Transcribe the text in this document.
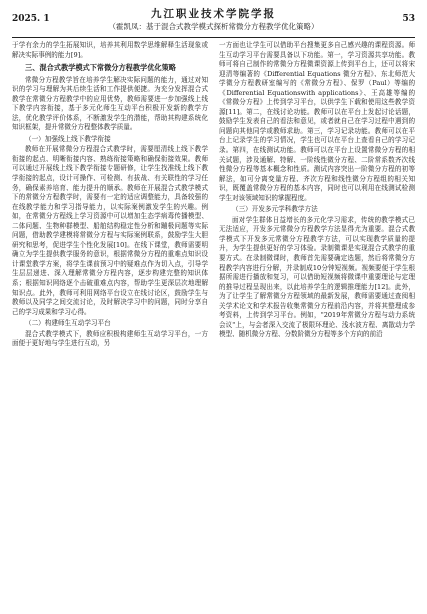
2025. 1	九江职业技术学院学报
（霍凯凤：基于混合式教学模式探析常微分方程教学优化策略）
53

于学有余力的学生拓展知识，培养其利用数学思维解释生活现象或解决实际事例的能力[9]。

三、混合式教学模式下常微分方程教学优化策略

常微分方程教学旨在培养学生解决实际问题的能力，通过对知识的学习与理解为其后续生活和工作提供便捷。为充分发挥混合式教学在常微分方程教学中的应用优势，教师需要进一步加强线上线下教学内容衔接，基于多元化师生互动平台积极开发新的教学方法，优化教学评价体系，不断激发学生的潜能，帮助其构建系统化知识框架，提升常微分方程整体教学质量。

（一）加强线上线下教学衔接

教师在开展常微分方程混合式教学时，需要厘清线上线下教学衔接的起点、明晰衔接内容、熟练衔接策略和确保衔接效果。教师可以通过开展线上线下教学衔接专题研修，让学生找准线上线下教学衔接的起点，设计可操作、可检测、有拔战、有关联性的学习任务，确保素养培育、能力提升的顺承。教师在开展混合式教学模式下的常微分方程教学时，需要有一定的适应调整能力，具备较强的在线教学能力和学习指导能力，以实际案例激发学生的兴趣。例如，在常微分方程线上学习资源中可以增加生态学病毒传播模型、二体问题、生物种群模型、船舶结构稳定性分析和蹦极问题等实际问题，借助教学建模将常微分方程与实际案例联系，鼓励学生大胆研究和思考，促进学生个性化发展[10]。在线下课堂，教师需要明确立为学生提供教学服务的意识，根据常微分方程的重难点知识设计课堂教学方案，将学生课前预习中的疑难点作为切入点，引导学生层层递进、深入理解常微分方程内容，逐步构建完整的知识体系；根据知识网络逐个击破重难点内容，帮助学生更深层次地理解知识点。此外，教师可利用网络平台设立在线讨论区，鼓励学生与教师以及同学之间交流讨论，及时解决学习中的问题，同时分享自己的学习成果和学习心得。

（二）构建师生互动学习平台

混合式教学模式下，教师应积极构建师生互动学习平台，一方面便于更好地与学生进行互动，另

一方面也让学生可以借助平台搜集更多自己感兴趣的课程资源。师生互动学习平台需要具备以下功能。第一，学习资源共享功能。教师可将自己制作的常微分方程微课资源上传到平台上，还可以将宋迎清等编著的《Differential Equations 微分方程》、东北师范大学微分方程教研室编写的《常微分方程》、保罗（Paul）等编的《Differential Equationswith applications》、王高雄等编的《常微分方程》上传到学习平台，以供学生下载和使用这些教学资源[11]。第二，在线讨论功能。教师可以在平台上发起讨论话题，鼓励学生发表自己的看法和意见，或者就自己在学习过程中遇到的问题向其他同学或教师求助。第三，学习记录功能。教师可以在平台上记录学生的学习情况，学生也可以在平台上查看自己的学习记录。第四，在线测试功能。教师可以在平台上设置常微分方程的相关试题，涉及通解、特解、一阶线性微分方程、二阶常系数齐次线性微分方程等基本概念和性质。测试内容突出一阶微分方程的初等解法，如可分离变量方程、齐次方程和线性微分方程组的相关知识，既覆盖常微分方程的基本内容，同时也可以利用在线测试检测学生对该领域知识的掌握程度。

（三）开发多元学科教学方法

面对学生群体日益增长的多元化学习需求，传统的教学模式已无法适应，开发多元常微分方程教学方法显得尤为重要。混合式教学模式下开发多元常微分方程教学方法，可以实现教学质量的提升，为学生提供更好的学习体验。录制微课是实现混合式教学的重要方式。在录制微课时，教师首先需要确定选题，然后将常微分方程教学内容进行分解，并录制成10分钟短视频。视频要便于学生根据所需进行播放和复习，可以借助短视频将微课中重要理论与定理的推导过程呈现出来，以此培养学生的逻辑推理能力[12]。此外，为了让学生了解常微分方程领域的最新发展，教师需要通过查阅相关学术论文和学术报告收集常微分方程前沿内容，并将其整理成参考资料，上传到学习平台。例如，"2019年常微分方程与动力系统会议"上，与会者深入交流了极限环理论、浅水波方程、离散动力学模型、随机微分方程、分数阶微分方程等多个方向的前沿
